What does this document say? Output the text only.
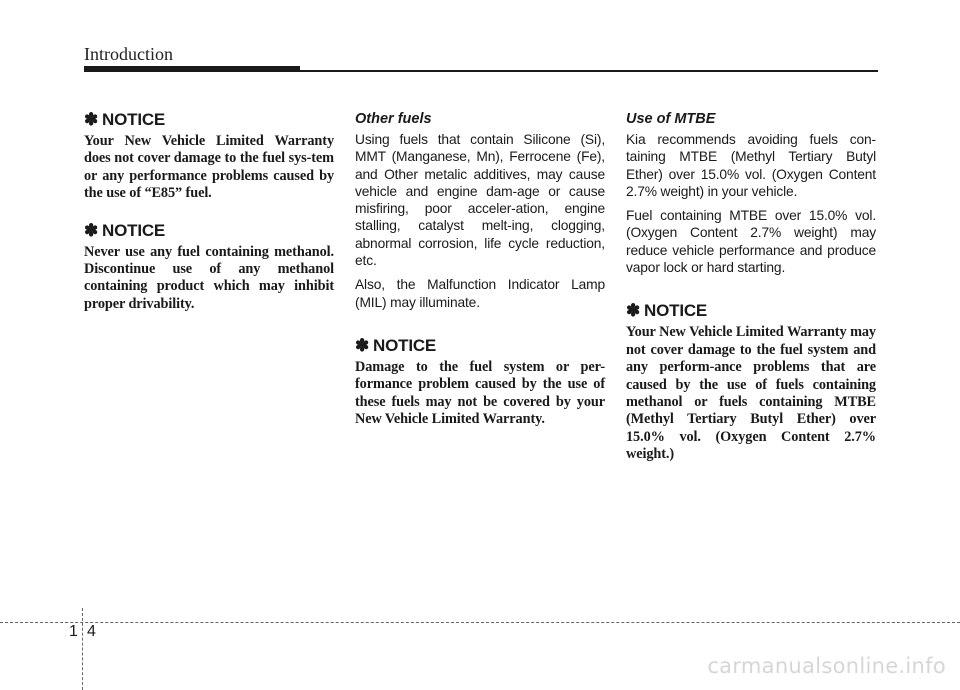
Introduction
✽ NOTICE

Your New Vehicle Limited Warranty does not cover damage to the fuel sys-tem or any performance problems caused by the use of “E85” fuel.

✽ NOTICE

Never use any fuel containing methanol. Discontinue use of any methanol containing product which may inhibit proper drivability.

Other fuels

Using fuels that contain Silicone (Si), MMT (Manganese, Mn), Ferrocene (Fe), and Other metalic additives, may cause vehicle and engine dam-age or cause misfiring, poor acceler-ation, engine stalling, catalyst melt-ing, clogging, abnormal corrosion, life cycle reduction, etc.

Also, the Malfunction Indicator Lamp (MIL) may illuminate.

✽ NOTICE

Damage to the fuel system or per-formance problem caused by the use of these fuels may not be covered by your New Vehicle Limited Warranty.

Use of MTBE

Kia recommends avoiding fuels con-taining MTBE (Methyl Tertiary Butyl Ether) over 15.0% vol. (Oxygen Content 2.7% weight) in your vehicle.

Fuel containing MTBE over 15.0% vol. (Oxygen Content 2.7% weight) may reduce vehicle performance and produce vapor lock or hard starting.

✽ NOTICE

Your New Vehicle Limited Warranty may not cover damage to the fuel system and any perform-ance problems that are caused by the use of fuels containing methanol or fuels containing MTBE (Methyl Tertiary Butyl Ether) over 15.0% vol. (Oxygen Content 2.7% weight.)

1 4
carmanualsonline.info
